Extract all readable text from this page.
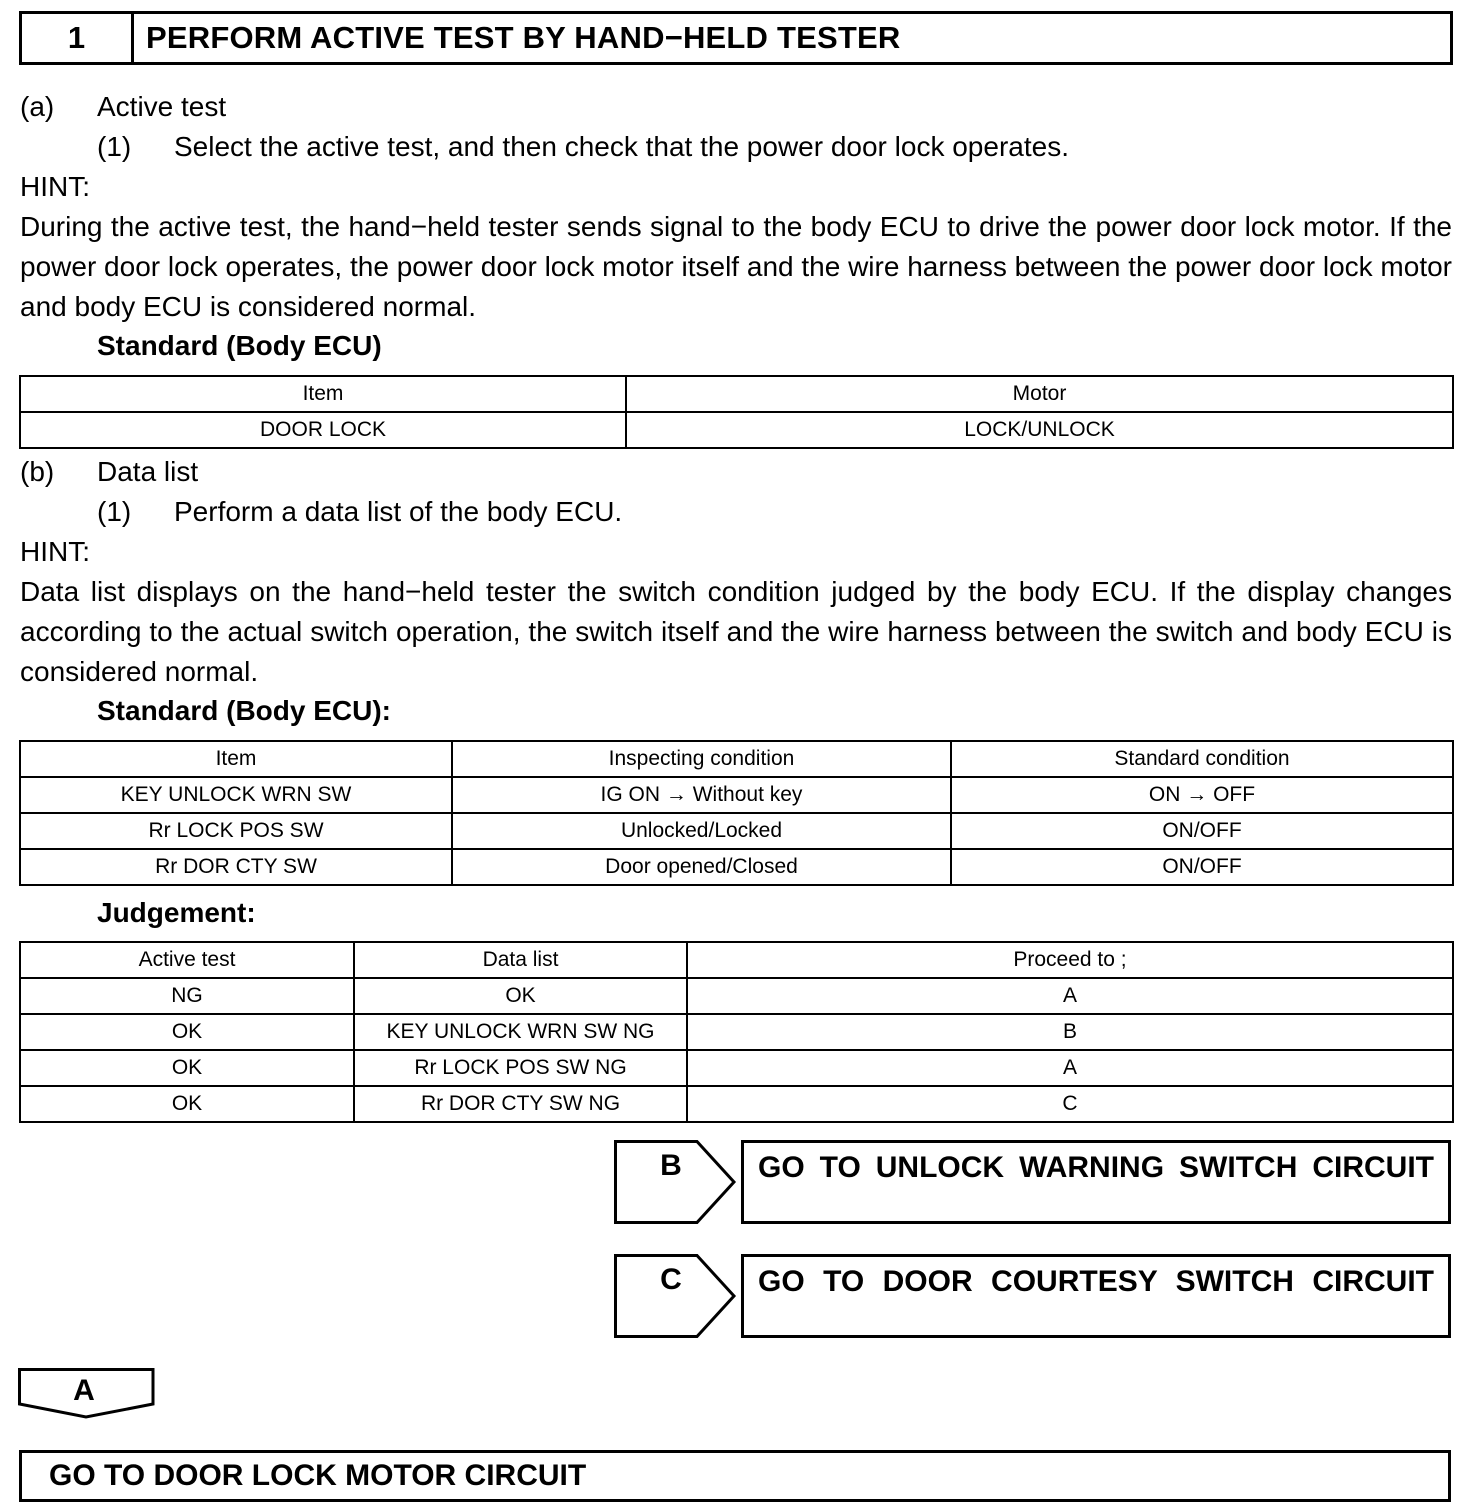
1	PERFORM ACTIVE TEST BY HAND−HELD TESTER
(a) Active test
(1) Select the active test, and then check that the power door lock operates.
HINT:
During the active test, the hand−held tester sends signal to the body ECU to drive the power door lock motor. If the power door lock operates, the power door lock motor itself and the wire harness between the power door lock motor and body ECU is considered normal.
Standard (Body ECU)
Item	Motor
DOOR LOCK	LOCK/UNLOCK
(b) Data list
(1) Perform a data list of the body ECU.
HINT:
Data list displays on the hand−held tester the switch condition judged by the body ECU. If the display changes according to the actual switch operation, the switch itself and the wire harness between the switch and body ECU is considered normal.
Standard (Body ECU):
Item	Inspecting condition	Standard condition
KEY UNLOCK WRN SW	IG ON → Without key	ON → OFF
Rr LOCK POS SW	Unlocked/Locked	ON/OFF
Rr DOR CTY SW	Door opened/Closed	ON/OFF
Judgement:
Active test	Data list	Proceed to ;
NG	OK	A
OK	KEY UNLOCK WRN SW NG	B
OK	Rr LOCK POS SW NG	A
OK	Rr DOR CTY SW NG	C
B	GO TO UNLOCK WARNING SWITCH CIRCUIT
C	GO TO DOOR COURTESY SWITCH CIRCUIT
A
GO TO DOOR LOCK MOTOR CIRCUIT
